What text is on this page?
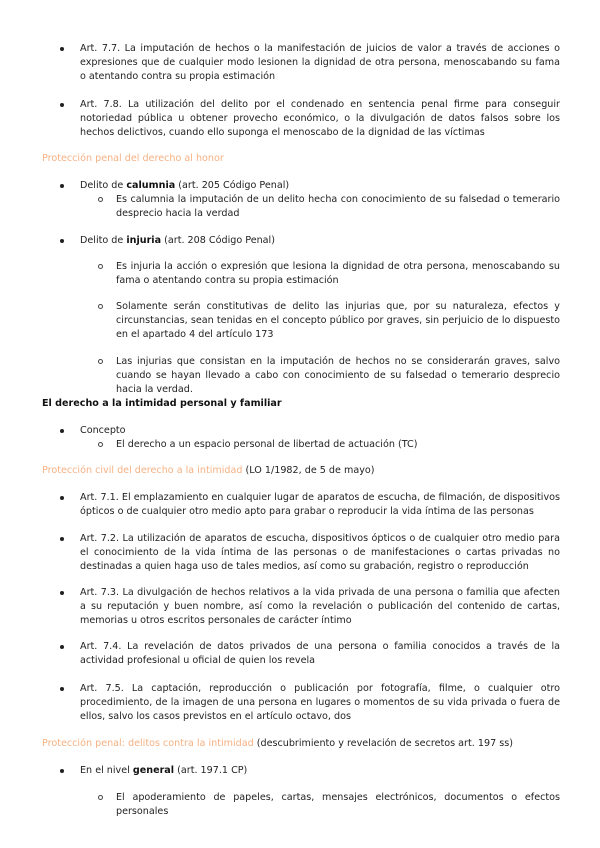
Art. 7.7. La imputación de hechos o la manifestación de juicios de valor a través de acciones o expresiones que de cualquier modo lesionen la dignidad de otra persona, menoscabando su fama o atentando contra su propia estimación
Art. 7.8. La utilización del delito por el condenado en sentencia penal firme para conseguir notoriedad pública u obtener provecho económico, o la divulgación de datos falsos sobre los hechos delictivos, cuando ello suponga el menoscabo de la dignidad de las víctimas
Protección penal del derecho al honor
Delito de calumnia (art. 205 Código Penal)
Es calumnia la imputación de un delito hecha con conocimiento de su falsedad o temerario desprecio hacia la verdad
Delito de injuria (art. 208 Código Penal)
Es injuria la acción o expresión que lesiona la dignidad de otra persona, menoscabando su fama o atentando contra su propia estimación
Solamente serán constitutivas de delito las injurias que, por su naturaleza, efectos y circunstancias, sean tenidas en el concepto público por graves, sin perjuicio de lo dispuesto en el apartado 4 del artículo 173
Las injurias que consistan en la imputación de hechos no se considerarán graves, salvo cuando se hayan llevado a cabo con conocimiento de su falsedad o temerario desprecio hacia la verdad.
El derecho a la intimidad personal y familiar
Concepto
El derecho a un espacio personal de libertad de actuación (TC)
Protección civil del derecho a la intimidad (LO 1/1982, de 5 de mayo)
Art. 7.1. El emplazamiento en cualquier lugar de aparatos de escucha, de filmación, de dispositivos ópticos o de cualquier otro medio apto para grabar o reproducir la vida íntima de las personas
Art. 7.2. La utilización de aparatos de escucha, dispositivos ópticos o de cualquier otro medio para el conocimiento de la vida íntima de las personas o de manifestaciones o cartas privadas no destinadas a quien haga uso de tales medios, así como su grabación, registro o reproducción
Art. 7.3. La divulgación de hechos relativos a la vida privada de una persona o familia que afecten a su reputación y buen nombre, así como la revelación o publicación del contenido de cartas, memorias u otros escritos personales de carácter íntimo
Art. 7.4. La revelación de datos privados de una persona o familia conocidos a través de la actividad profesional u oficial de quien los revela
Art. 7.5. La captación, reproducción o publicación por fotografía, filme, o cualquier otro procedimiento, de la imagen de una persona en lugares o momentos de su vida privada o fuera de ellos, salvo los casos previstos en el artículo octavo, dos
Protección penal: delitos contra la intimidad (descubrimiento y revelación de secretos art. 197 ss)
En el nivel general (art. 197.1 CP)
El apoderamiento de papeles, cartas, mensajes electrónicos, documentos o efectos personales
